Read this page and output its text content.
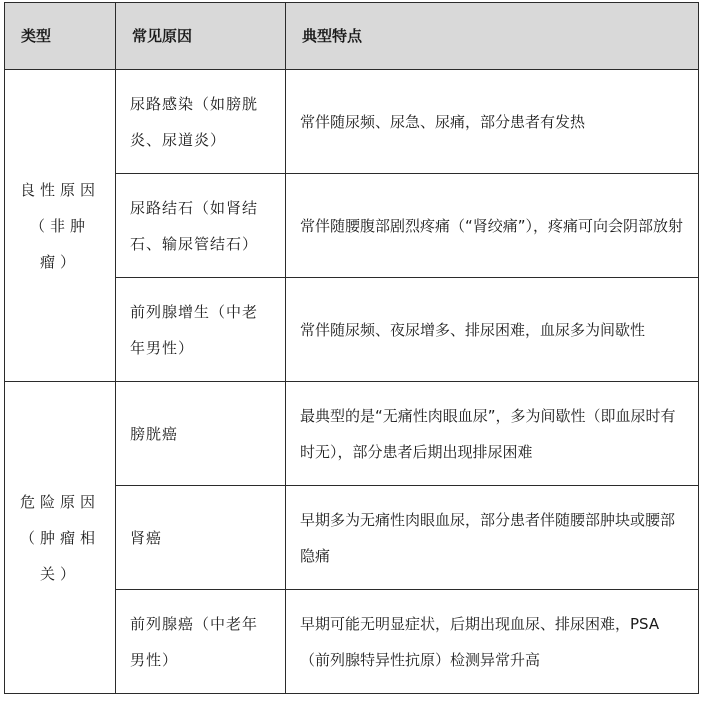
类型	常见原因	典型特点
良性原因（非肿瘤）	尿路感染（如膀胱炎、尿道炎）	常伴随尿频、尿急、尿痛，部分患者有发热
	尿路结石（如肾结石、输尿管结石）	常伴随腰腹部剧烈疼痛（“肾绞痛”），疼痛可向会阴部放射
	前列腺增生（中老年男性）	常伴随尿频、夜尿增多、排尿困难，血尿多为间歇性
危险原因（肿瘤相关）	膀胱癌	最典型的是“无痛性肉眼血尿”，多为间歇性（即血尿时有时无），部分患者后期出现排尿困难
	肾癌	早期多为无痛性肉眼血尿，部分患者伴随腰部肿块或腰部隐痛
	前列腺癌（中老年男性）	早期可能无明显症状，后期出现血尿、排尿困难，PSA（前列腺特异性抗原）检测异常升高
